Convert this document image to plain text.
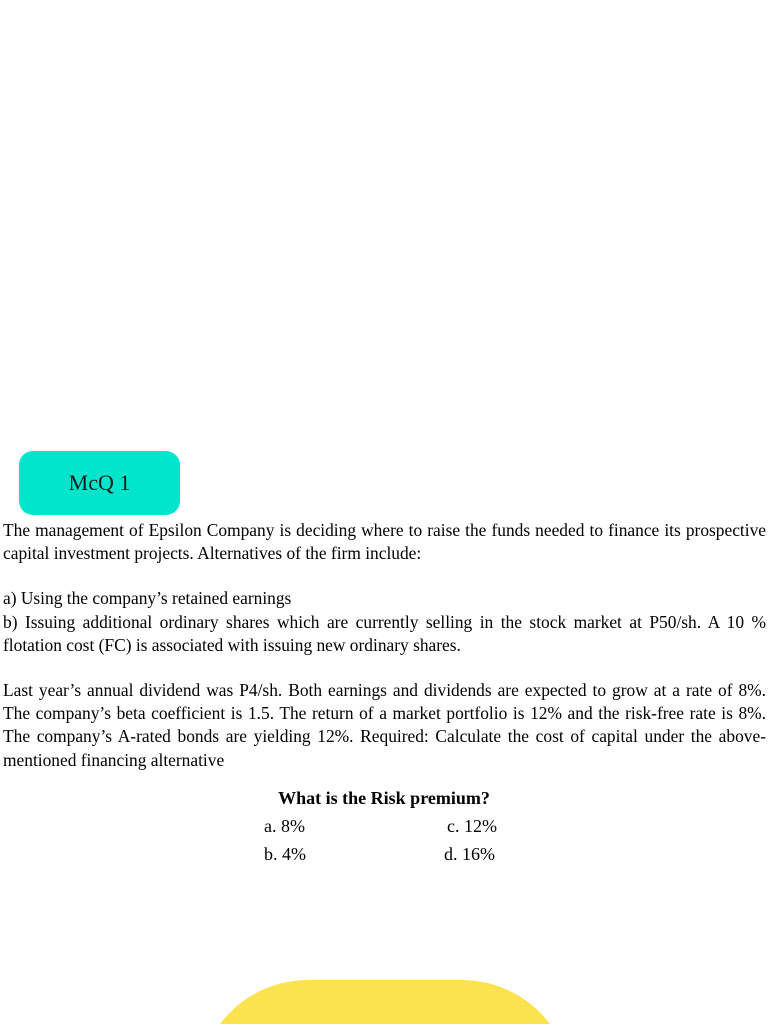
McQ 1

The management of Epsilon Company is deciding where to raise the funds needed to finance its prospective capital investment projects. Alternatives of the firm include:

a) Using the company’s retained earnings

b) Issuing additional ordinary shares which are currently selling in the stock market at P50/sh. A 10 % flotation cost (FC) is associated with issuing new ordinary shares.

Last year’s annual dividend was P4/sh. Both earnings and dividends are expected to grow at a rate of 8%. The company’s beta coefficient is 1.5. The return of a market portfolio is 12% and the risk-free rate is 8%. The company’s A-rated bonds are yielding 12%. Required: Calculate the cost of capital under the above-mentioned financing alternative

What is the Risk premium?
a. 8%	c. 12%
b. 4%	d. 16%
